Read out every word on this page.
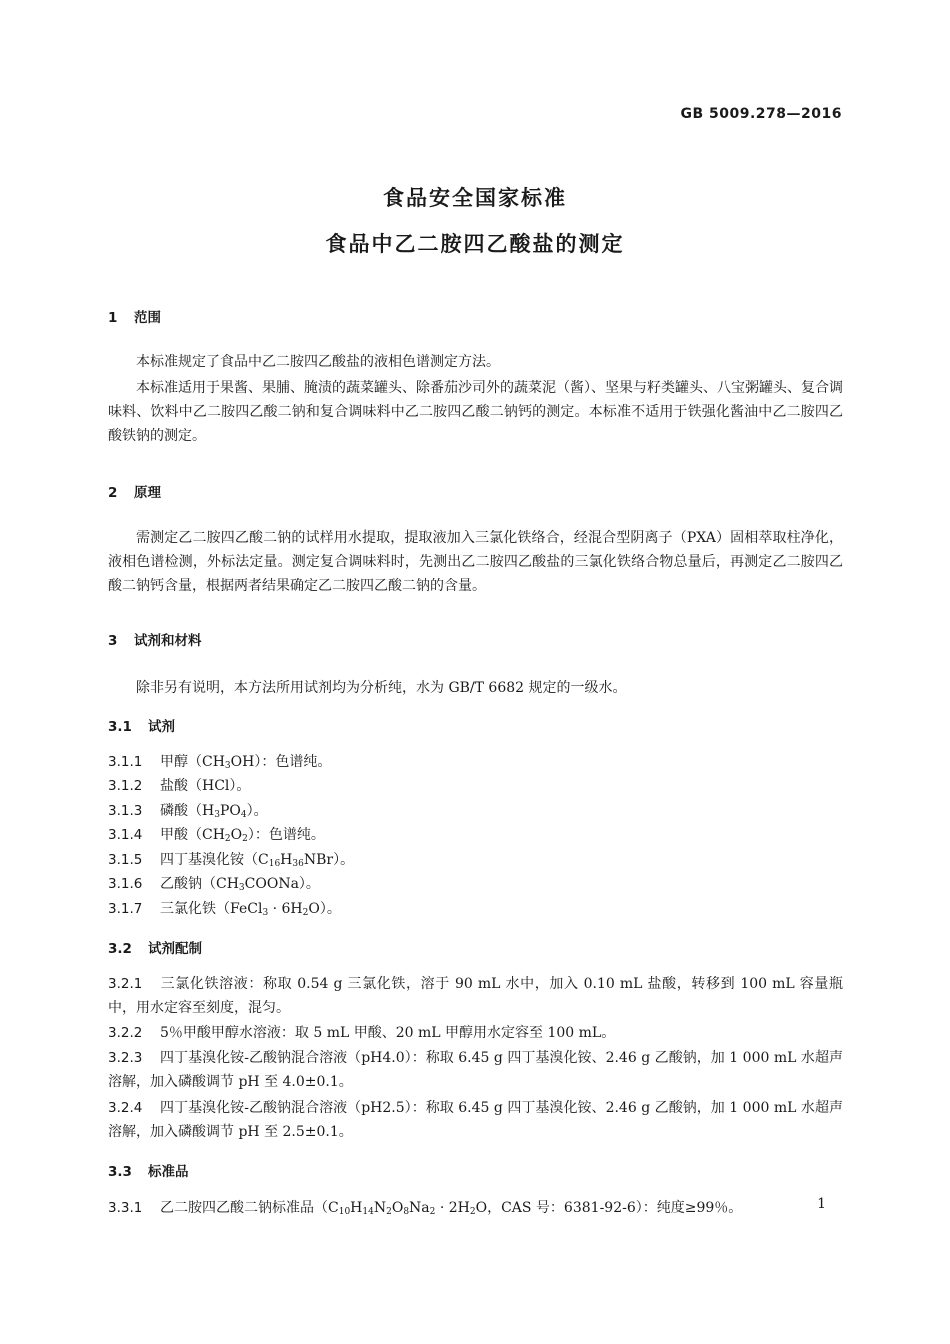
GB 5009.278—2016
食品安全国家标准
食品中乙二胺四乙酸盐的测定
1 范围
本标准规定了食品中乙二胺四乙酸盐的液相色谱测定方法。
本标准适用于果酱、果脯、腌渍的蔬菜罐头、除番茄沙司外的蔬菜泥（酱）、坚果与籽类罐头、八宝粥罐头、复合调味料、饮料中乙二胺四乙酸二钠和复合调味料中乙二胺四乙酸二钠钙的测定。本标准不适用于铁强化酱油中乙二胺四乙酸铁钠的测定。
2 原理
需测定乙二胺四乙酸二钠的试样用水提取，提取液加入三氯化铁络合，经混合型阴离子（PXA）固相萃取柱净化，液相色谱检测，外标法定量。测定复合调味料时，先测出乙二胺四乙酸盐的三氯化铁络合物总量后，再测定乙二胺四乙酸二钠钙含量，根据两者结果确定乙二胺四乙酸二钠的含量。
3 试剂和材料
除非另有说明，本方法所用试剂均为分析纯，水为 GB/T 6682 规定的一级水。
3.1 试剂
3.1.1 甲醇$(CH_3OH)$：色谱纯。
3.1.2 盐酸（HCl）。
3.1.3 磷酸$(H_3PO_4)$。
3.1.4 甲酸$(CH_2O_2)$：色谱纯。
3.1.5 四丁基溴化铵$(C_{16}H_{36}NBr)$。
3.1.6 乙酸钠$(CH_3COONa)$。
3.1.7 三氯化铁（FeCl$_3$ · $6H_2O$）。
3.2 试剂配制
3.2.1 三氯化铁溶液：称取 0.54 g 三氯化铁，溶于 90 mL 水中，加入 0.10 mL 盐酸，转移到 100 mL 容量瓶中，用水定容至刻度，混匀。
3.2.2 5％甲酸甲醇水溶液：取 5 mL 甲酸、20 mL 甲醇用水定容至 100 mL。
3.2.3 四丁基溴化铵-乙酸钠混合溶液（pH4.0）：称取 6.45 g 四丁基溴化铵、2.46 g 乙酸钠，加 1 000 mL 水超声溶解，加入磷酸调节 pH 至 4.0±0.1。
3.2.4 四丁基溴化铵-乙酸钠混合溶液（pH2.5）：称取 6.45 g 四丁基溴化铵、2.46 g 乙酸钠，加 1 000 mL 水超声溶解，加入磷酸调节 pH 至 2.5±0.1。
3.3 标准品
3.3.1 乙二胺四乙酸二钠标准品（$C_{10}H_{14}N_2O_8Na_2 \cdot 2H_2O$，CAS 号：6381-92-6）：纯度≥99％。	1
